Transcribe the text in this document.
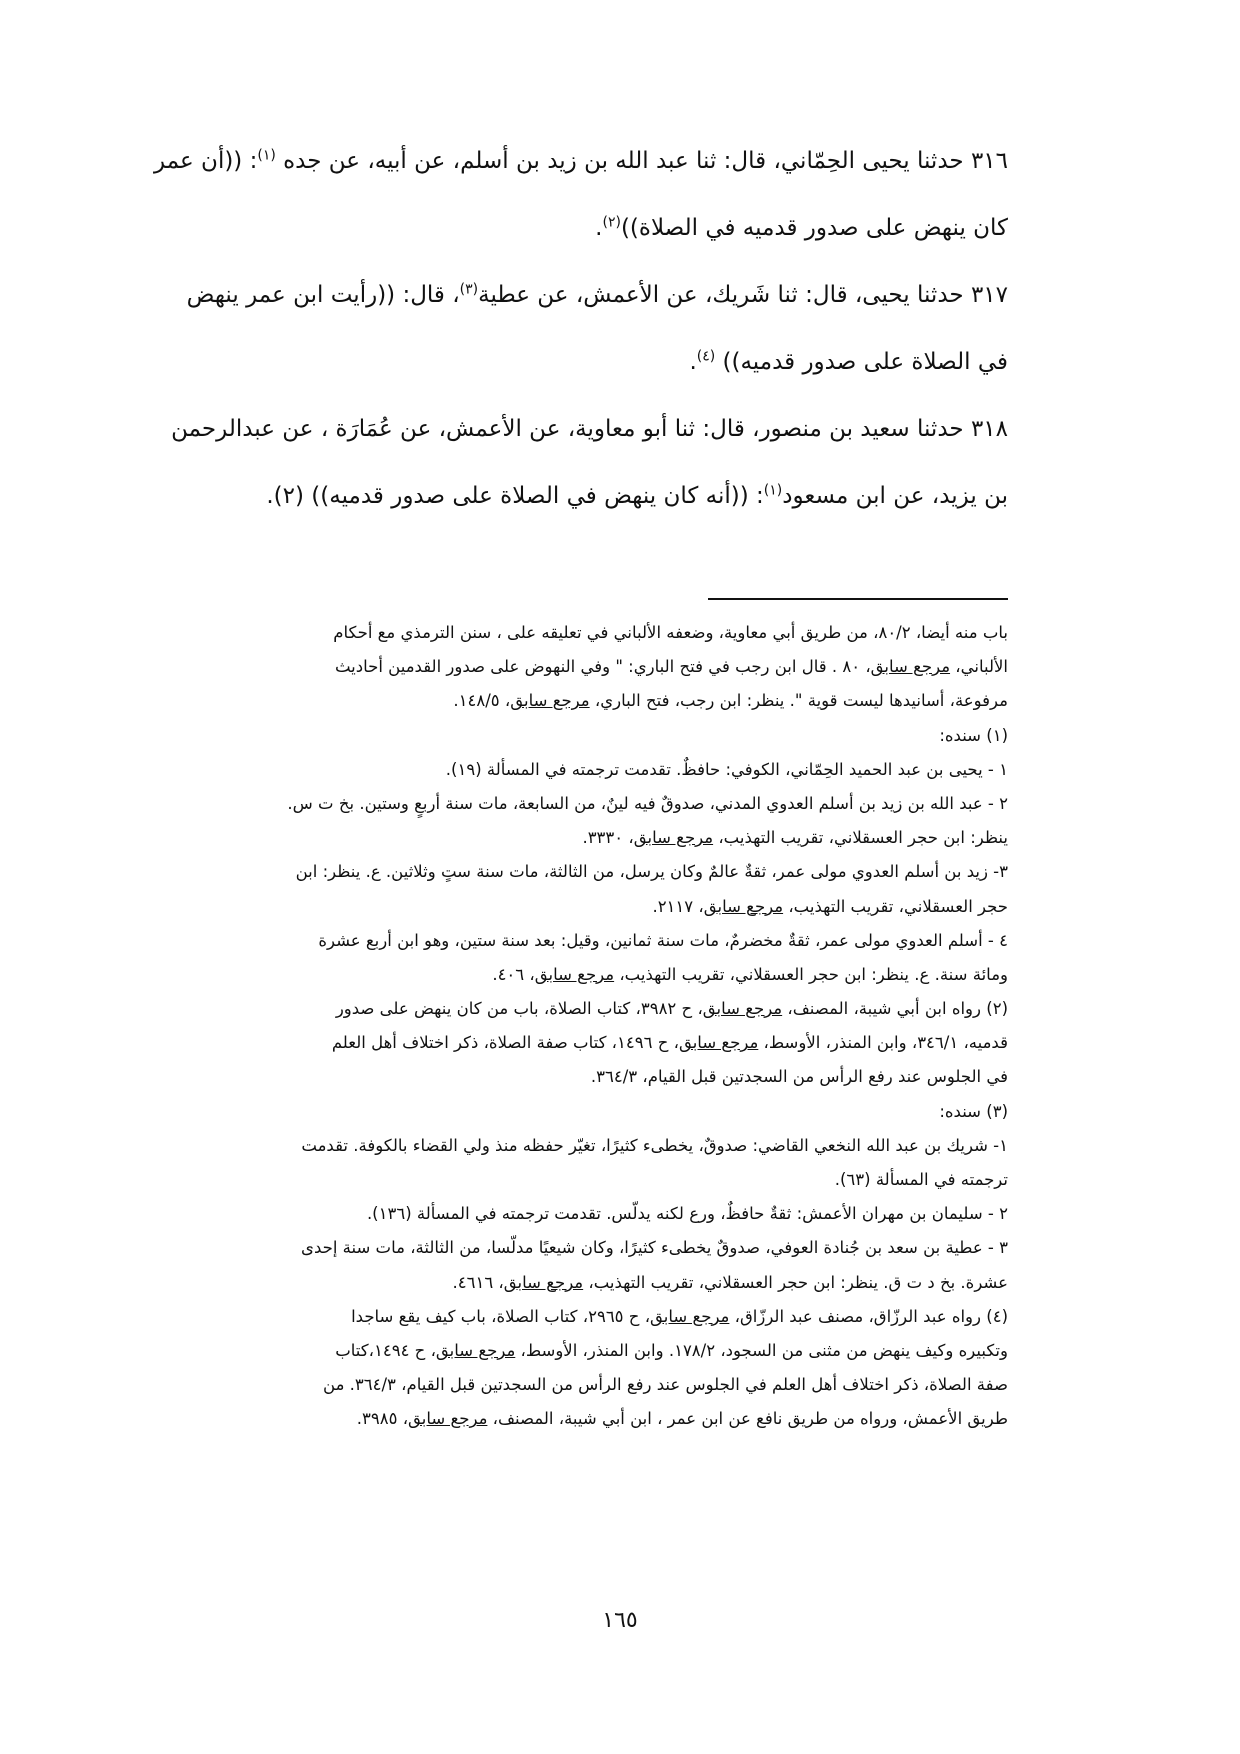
٣١٦ حدثنا يحيى الحِمّاني، قال: ثنا عبد الله بن زيد بن أسلم، عن أبيه، عن جده $^{(١)}$: ((أن عمر
كان ينهض على صدور قدميه في الصلاة))$^{(٢)}$.
٣١٧ حدثنا يحيى، قال: ثنا شَريك، عن الأعمش، عن عطية$^{(٣)}$، قال: ((رأيت ابن عمر ينهض
في الصلاة على صدور قدميه)) $^{(٤)}$.
٣١٨ حدثنا سعيد بن منصور، قال: ثنا أبو معاوية، عن الأعمش، عن عُمَارَة ، عن عبدالرحمن
بن يزيد، عن ابن مسعود$^{(١)}$: ((أنه كان ينهض في الصلاة على صدور قدميه)) (٢).
باب منه أيضا، ٨٠/٢، من طريق أبي معاوية، وضعفه الألباني في تعليقه على ، سنن الترمذي مع أحكام
الألباني، مرجع سابق، ٨٠ . قال ابن رجب في فتح الباري: " وفي النهوض على صدور القدمين أحاديث
مرفوعة، أسانيدها ليست قوية ". ينظر: ابن رجب، فتح الباري، مرجع سابق، ١٤٨/٥.
(١) سنده:
١ - يحيى بن عبد الحميد الحِمّاني، الكوفي: حافظٌ. تقدمت ترجمته في المسألة (١٩).
٢ - عبد الله بن زيد بن أسلم العدوي المدني، صدوقٌ فيه لينٌ، من السابعة، مات سنة أربعٍ وستين. بخ ت س.
ينظر: ابن حجر العسقلاني، تقريب التهذيب، مرجع سابق، ٣٣٣٠.
٣- زيد بن أسلم العدوي مولى عمر، ثقةٌ عالمٌ وكان يرسل، من الثالثة، مات سنة ستٍ وثلاثين. ع. ينظر: ابن
حجر العسقلاني، تقريب التهذيب، مرجع سابق، ٢١١٧.
٤ - أسلم العدوي مولى عمر، ثقةٌ مخضرمٌ، مات سنة ثمانين، وقيل: بعد سنة ستين، وهو ابن أربع عشرة
ومائة سنة. ع. ينظر: ابن حجر العسقلاني، تقريب التهذيب، مرجع سابق، ٤٠٦.
(٢) رواه ابن أبي شيبة، المصنف، مرجع سابق، ح ٣٩٨٢، كتاب الصلاة، باب من كان ينهض على صدور
قدميه، ٣٤٦/١، وابن المنذر، الأوسط، مرجع سابق، ح ١٤٩٦، كتاب صفة الصلاة، ذكر اختلاف أهل العلم
في الجلوس عند رفع الرأس من السجدتين قبل القيام، ٣٦٤/٣.
(٣) سنده:
١- شريك بن عبد الله النخعي القاضي: صدوقٌ، يخطىء كثيرًا، تغيّر حفظه منذ ولي القضاء بالكوفة. تقدمت
ترجمته في المسألة (٦٣).
٢ - سليمان بن مهران الأعمش: ثقةٌ حافظٌ، ورع لكنه يدلّس. تقدمت ترجمته في المسألة (١٣٦).
٣ - عطية بن سعد بن جُنادة العوفي، صدوقٌ يخطىء كثيرًا، وكان شيعيًا مدلّسا، من الثالثة، مات سنة إحدى
عشرة. بخ د ت ق. ينظر: ابن حجر العسقلاني، تقريب التهذيب، مرجع سابق، ٤٦١٦.
(٤) رواه عبد الرزّاق، مصنف عبد الرزّاق، مرجع سابق، ح ٢٩٦٥، كتاب الصلاة، باب كيف يقع ساجدا
وتكبيره وكيف ينهض من مثنى من السجود، ١٧٨/٢. وابن المنذر، الأوسط، مرجع سابق، ح ١٤٩٤،كتاب
صفة الصلاة، ذكر اختلاف أهل العلم في الجلوس عند رفع الرأس من السجدتين قبل القيام، ٣٦٤/٣. من
طريق الأعمش، ورواه من طريق نافع عن ابن عمر ، ابن أبي شيبة، المصنف، مرجع سابق، ٣٩٨٥.
١٦٥
